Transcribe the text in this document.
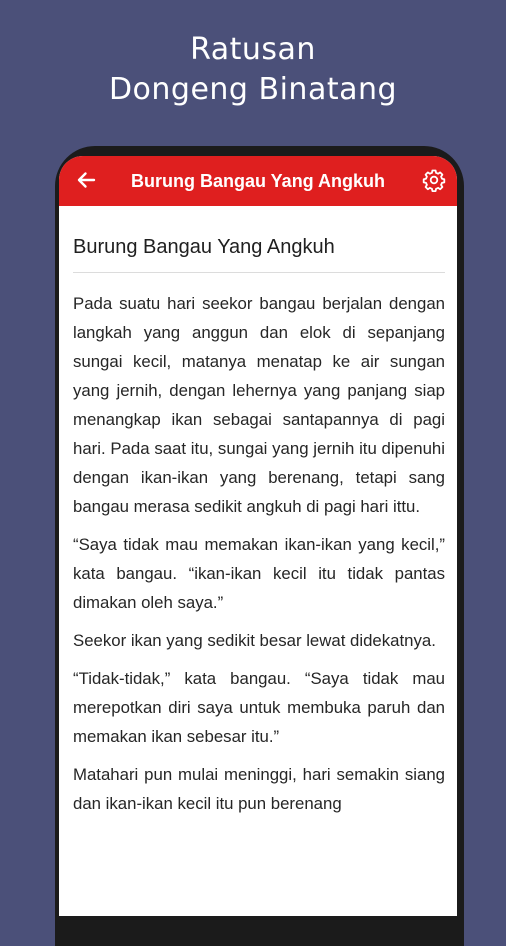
Ratusan
Dongeng Binatang
Burung Bangau Yang Angkuh
Burung Bangau Yang Angkuh

Pada suatu hari seekor bangau berjalan dengan langkah yang anggun dan elok di sepanjang sungai kecil, matanya menatap ke air sungan yang jernih, dengan lehernya yang panjang siap menangkap ikan sebagai santapannya di pagi hari. Pada saat itu, sungai yang jernih itu dipenuhi dengan ikan-ikan yang berenang, tetapi sang bangau merasa sedikit angkuh di pagi hari ittu.

“Saya tidak mau memakan ikan-ikan yang kecil,” kata bangau. “ikan-ikan kecil itu tidak pantas dimakan oleh saya.”

Seekor ikan yang sedikit besar lewat didekatnya.

“Tidak-tidak,” kata bangau. “Saya tidak mau merepotkan diri saya untuk membuka paruh dan memakan ikan sebesar itu.”

Matahari pun mulai meninggi, hari semakin siang dan ikan-ikan kecil itu pun berenang
